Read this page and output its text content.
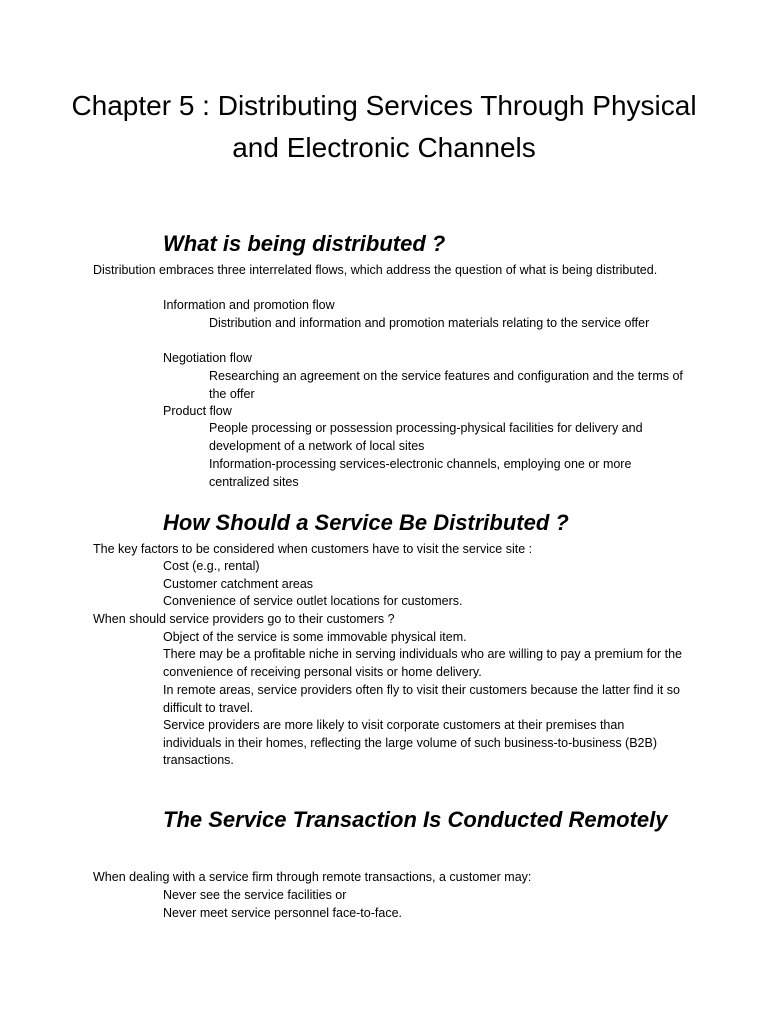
Chapter 5 : Distributing Services Through Physical and Electronic Channels
What is being distributed ?

Distribution embraces three interrelated flows, which address the question of what is being distributed.

Information and promotion flow

Distribution and information and promotion materials relating to the service offer

Negotiation flow

Researching an agreement on the service features and configuration and the terms of the offer

Product flow

People processing or possession processing-physical facilities for delivery and development of a network of local sites

Information-processing services-electronic channels, employing one or more centralized sites

How Should a Service Be Distributed ?

The key factors to be considered when customers have to visit the service site :

Cost (e.g., rental)

Customer catchment areas

Convenience of service outlet locations for customers.

When should service providers go to their customers ?

Object of the service is some immovable physical item.

There may be a profitable niche in serving individuals who are willing to pay a premium for the convenience of receiving personal visits or home delivery.

In remote areas, service providers often fly to visit their customers because the latter find it so difficult to travel.

Service providers are more likely to visit corporate customers at their premises than individuals in their homes, reflecting the large volume of such business-to-business (B2B) transactions.

The Service Transaction Is Conducted Remotely

When dealing with a service firm through remote transactions, a customer may:

Never see the service facilities or

Never meet service personnel face-to-face.
